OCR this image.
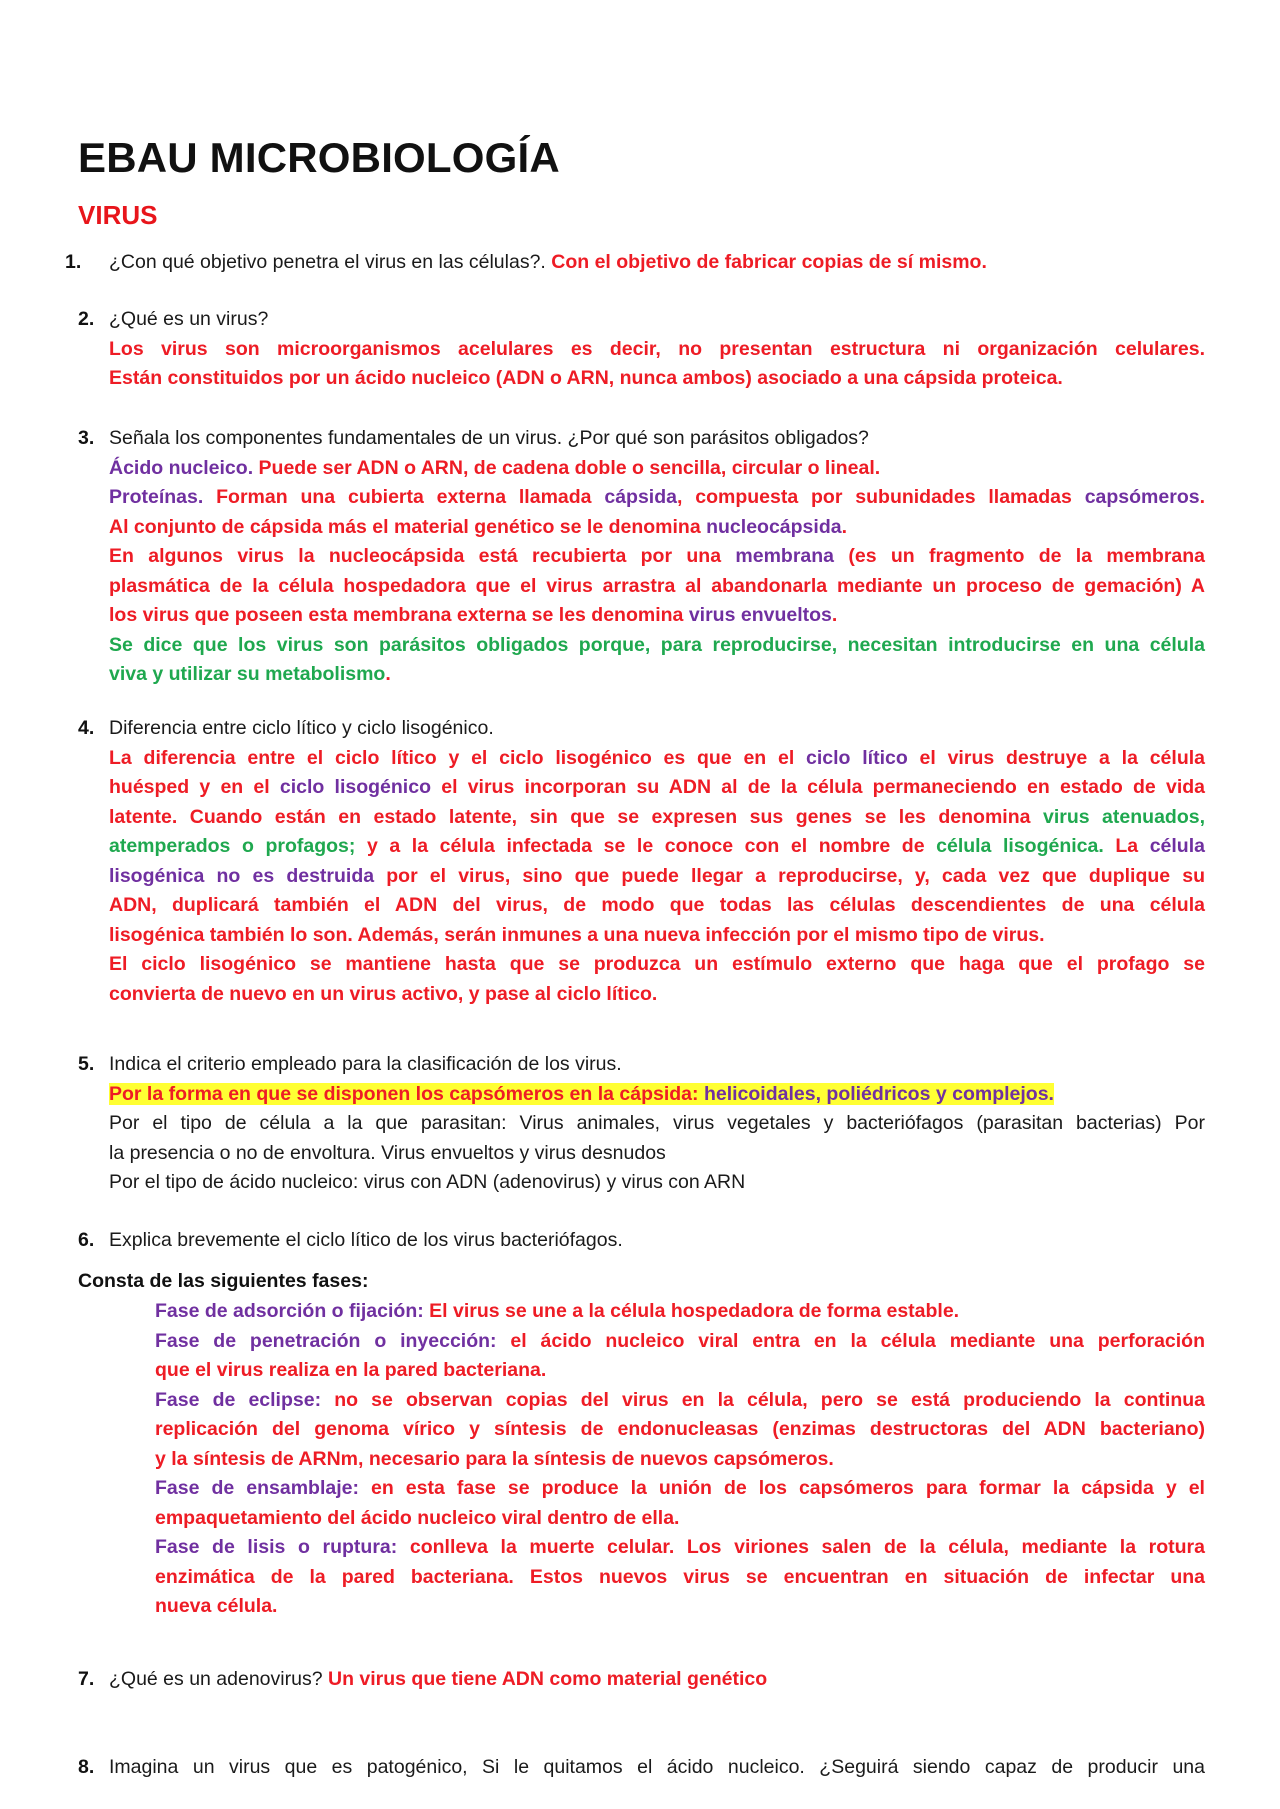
EBAU MICROBIOLOGÍA
VIRUS
1. ¿Con qué objetivo penetra el virus en las células?. Con el objetivo de fabricar copias de sí mismo.
2. ¿Qué es un virus?
Los virus son microorganismos acelulares es decir, no presentan estructura ni organización celulares.
Están constituidos por un ácido nucleico (ADN o ARN, nunca ambos) asociado a una cápsida proteica.
3. Señala los componentes fundamentales de un virus. ¿Por qué son parásitos obligados?
Ácido nucleico. Puede ser ADN o ARN, de cadena doble o sencilla, circular o lineal.
Proteínas. Forman una cubierta externa llamada cápsida, compuesta por subunidades llamadas capsómeros.
Al conjunto de cápsida más el material genético se le denomina nucleocápsida.
En algunos virus la nucleocápsida está recubierta por una membrana (es un fragmento de la membrana
plasmática de la célula hospedadora que el virus arrastra al abandonarla mediante un proceso de gemación) A
los virus que poseen esta membrana externa se les denomina virus envueltos.
Se dice que los virus son parásitos obligados porque, para reproducirse, necesitan introducirse en una célula
viva y utilizar su metabolismo.
4. Diferencia entre ciclo lítico y ciclo lisogénico.
La diferencia entre el ciclo lítico y el ciclo lisogénico es que en el ciclo lítico el virus destruye a la célula
huésped y en el ciclo lisogénico el virus incorporan su ADN al de la célula permaneciendo en estado de vida
latente. Cuando están en estado latente, sin que se expresen sus genes se les denomina virus atenuados,
atemperados o profagos; y a la célula infectada se le conoce con el nombre de célula lisogénica. La célula
lisogénica no es destruida por el virus, sino que puede llegar a reproducirse, y, cada vez que duplique su
ADN, duplicará también el ADN del virus, de modo que todas las células descendientes de una célula
lisogénica también lo son. Además, serán inmunes a una nueva infección por el mismo tipo de virus.
El ciclo lisogénico se mantiene hasta que se produzca un estímulo externo que haga que el profago se
convierta de nuevo en un virus activo, y pase al ciclo lítico.
5. Indica el criterio empleado para la clasificación de los virus.
Por la forma en que se disponen los capsómeros en la cápsida: helicoidales, poliédricos y complejos.
Por el tipo de célula a la que parasitan: Virus animales, virus vegetales y bacteriófagos (parasitan bacterias) Por
la presencia o no de envoltura. Virus envueltos y virus desnudos
Por el tipo de ácido nucleico: virus con ADN (adenovirus) y virus con ARN
6. Explica brevemente el ciclo lítico de los virus bacteriófagos.
Consta de las siguientes fases:
Fase de adsorción o fijación: El virus se une a la célula hospedadora de forma estable.
Fase de penetración o inyección: el ácido nucleico viral entra en la célula mediante una perforación
que el virus realiza en la pared bacteriana.
Fase de eclipse: no se observan copias del virus en la célula, pero se está produciendo la continua
replicación del genoma vírico y síntesis de endonucleasas (enzimas destructoras del ADN bacteriano)
y la síntesis de ARNm, necesario para la síntesis de nuevos capsómeros.
Fase de ensamblaje: en esta fase se produce la unión de los capsómeros para formar la cápsida y el
empaquetamiento del ácido nucleico viral dentro de ella.
Fase de lisis o ruptura: conlleva la muerte celular. Los viriones salen de la célula, mediante la rotura
enzimática de la pared bacteriana. Estos nuevos virus se encuentran en situación de infectar una
nueva célula.
7. ¿Qué es un adenovirus? Un virus que tiene ADN como material genético
8. Imagina un virus que es patogénico, Si le quitamos el ácido nucleico. ¿Seguirá siendo capaz de producir una
